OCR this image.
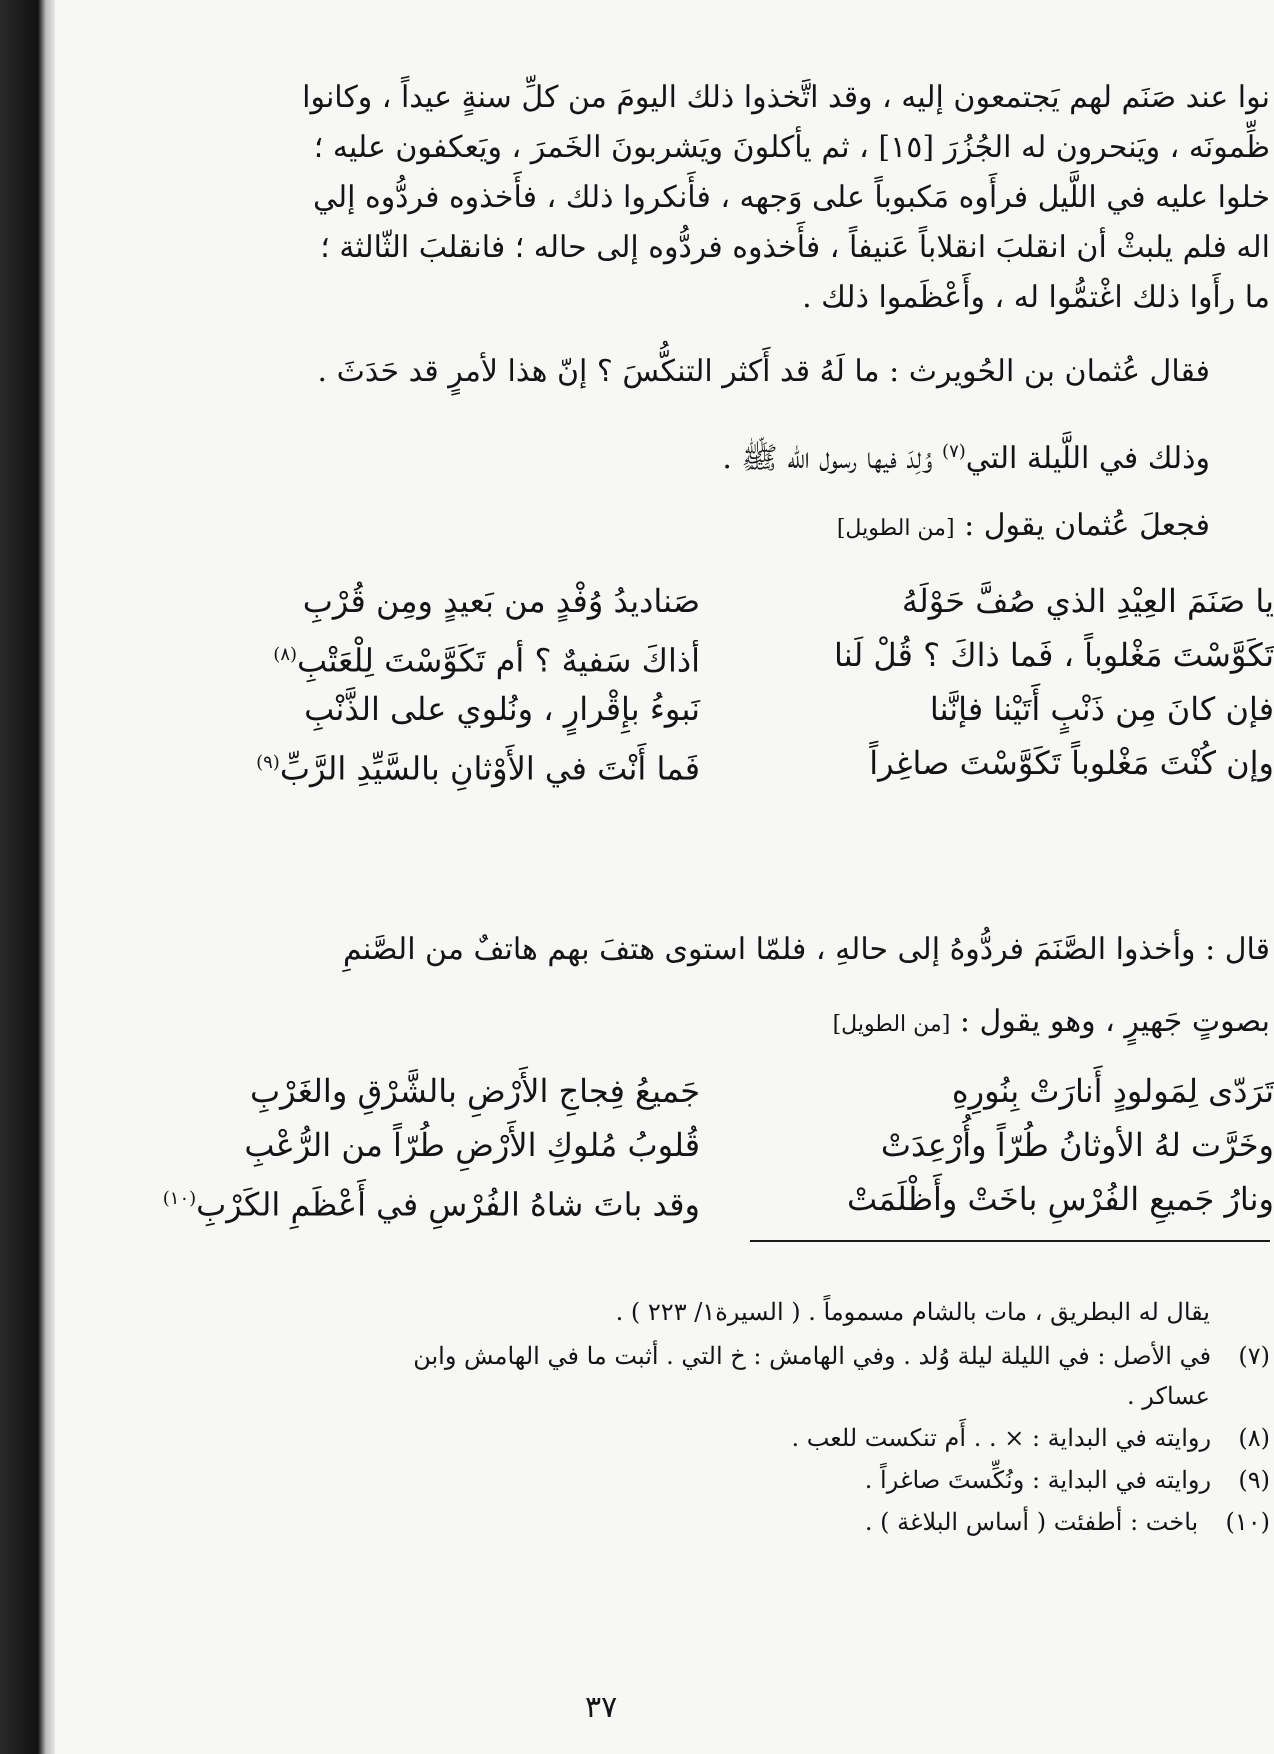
نوا عند صَنَم لهم يَجتمعون إليه ، وقد اتَّخذوا ذلك اليومَ من كلِّ سنةٍ عيداً ، وكانوا
ظِّمونَه ، ويَنحرون له الجُزُرَ [١٥] ، ثم يأكلونَ ويَشربونَ الخَمرَ ، ويَعكفون عليه ؛
خلوا عليه في اللَّيل فرأَوه مَكبوباً على وَجهه ، فأَنكروا ذلك ، فأَخذوه فردُّوه إلي
اله فلم يلبثْ أن انقلبَ انقلاباً عَنيفاً ، فأَخذوه فردُّوه إلى حاله ؛ فانقلبَ الثّالثة ؛
ما رأَوا ذلك اغْتمُّوا له ، وأَعْظَموا ذلك .
فقال عُثمان بن الحُويرث : ما لَهُ قد أَكثر التنكُّسَ ؟ إنّ هذا لأمرٍ قد حَدَثَ .
وذلك في اللَّيلة التي$^{(٧)}$ وُلِدَ فيها رسول الله ﷺ .
فجعلَ عُثمان يقول : [من الطويل]
يا صَنَمَ العِيْدِ الذي صُفَّ حَوْلَهُ
صَناديدُ وُفْدٍ من بَعيدٍ ومِن قُرْبِ
تَكَوَّسْتَ مَغْلوباً ، فَما ذاكَ ؟ قُلْ لَنا
أذاكَ سَفيهٌ ؟ أم تَكَوَّسْتَ لِلْعَتْبِ$^{(٨)}$
فإن كانَ مِن ذَنْبٍ أَتَيْنا فإنَّنا
نَبوءُ بإِقْرارٍ ، ونُلوي على الذَّنْبِ
وإن كُنْتَ مَغْلوباً تَكَوَّسْتَ صاغِراً
فَما أَنْتَ في الأَوْثانِ بالسَّيِّدِ الرَّبِّ$^{(٩)}$
قال : وأخذوا الصَّنَمَ فردُّوهُ إلى حالهِ ، فلمّا استوى هتفَ بهم هاتفٌ من الصَّنمِ
بصوتٍ جَهيرٍ ، وهو يقول : [من الطويل]
تَرَدّى لِمَولودٍ أَنارَتْ بِنُورِهِ
جَميعُ فِجاجِ الأَرْضِ بالشَّرْقِ والغَرْبِ
وخَرَّت لهُ الأوثانُ طُرّاً وأُرْعِدَتْ
قُلوبُ مُلوكِ الأَرْضِ طُرّاً من الرُّعْبِ
ونارُ جَميعِ الفُرْسِ باخَتْ وأَظْلَمَتْ
وقد باتَ شاهُ الفُرْسِ في أَعْظَمِ الكَرْبِ$^{(١٠)}$
يقال له البطريق ، مات بالشام مسموماً . ( السيرة١/ ٢٢٣ ) .
(٧)  في الأصل : في الليلة ليلة وُلد . وفي الهامش : خ التي . أثبت ما في الهامش وابن
عساكر .
(٨)  روايته في البداية : × . . أَم تنكست للعب .
(٩)  روايته في البداية : ونُكِّستَ صاغراً .
(١٠)  باخت : أطفئت ( أساس البلاغة ) .
٣٧
